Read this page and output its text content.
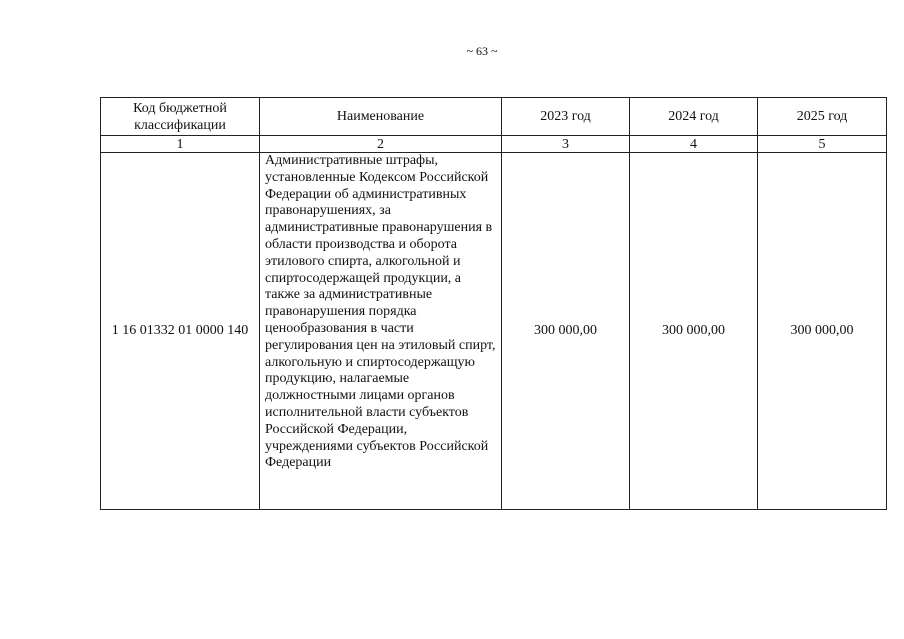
~ 63 ~
Код бюджетной классификации	Наименование	2023 год	2024 год	2025 год
1	2	3	4	5
1 16 01332 01 0000 140	Административные штрафы, установленные Кодексом Российской Федерации об административных правонарушениях, за административные правонарушения в области производства и оборота этилового спирта, алкогольной и спиртосодержащей продукции, а также за административные правонарушения порядка ценообразования в части регулирования цен на этиловый спирт, алкогольную и спиртосодержащую продукцию, налагаемые должностными лицами органов исполнительной власти субъектов Российской Федерации, учреждениями субъектов Российской Федерации	300 000,00	300 000,00	300 000,00
